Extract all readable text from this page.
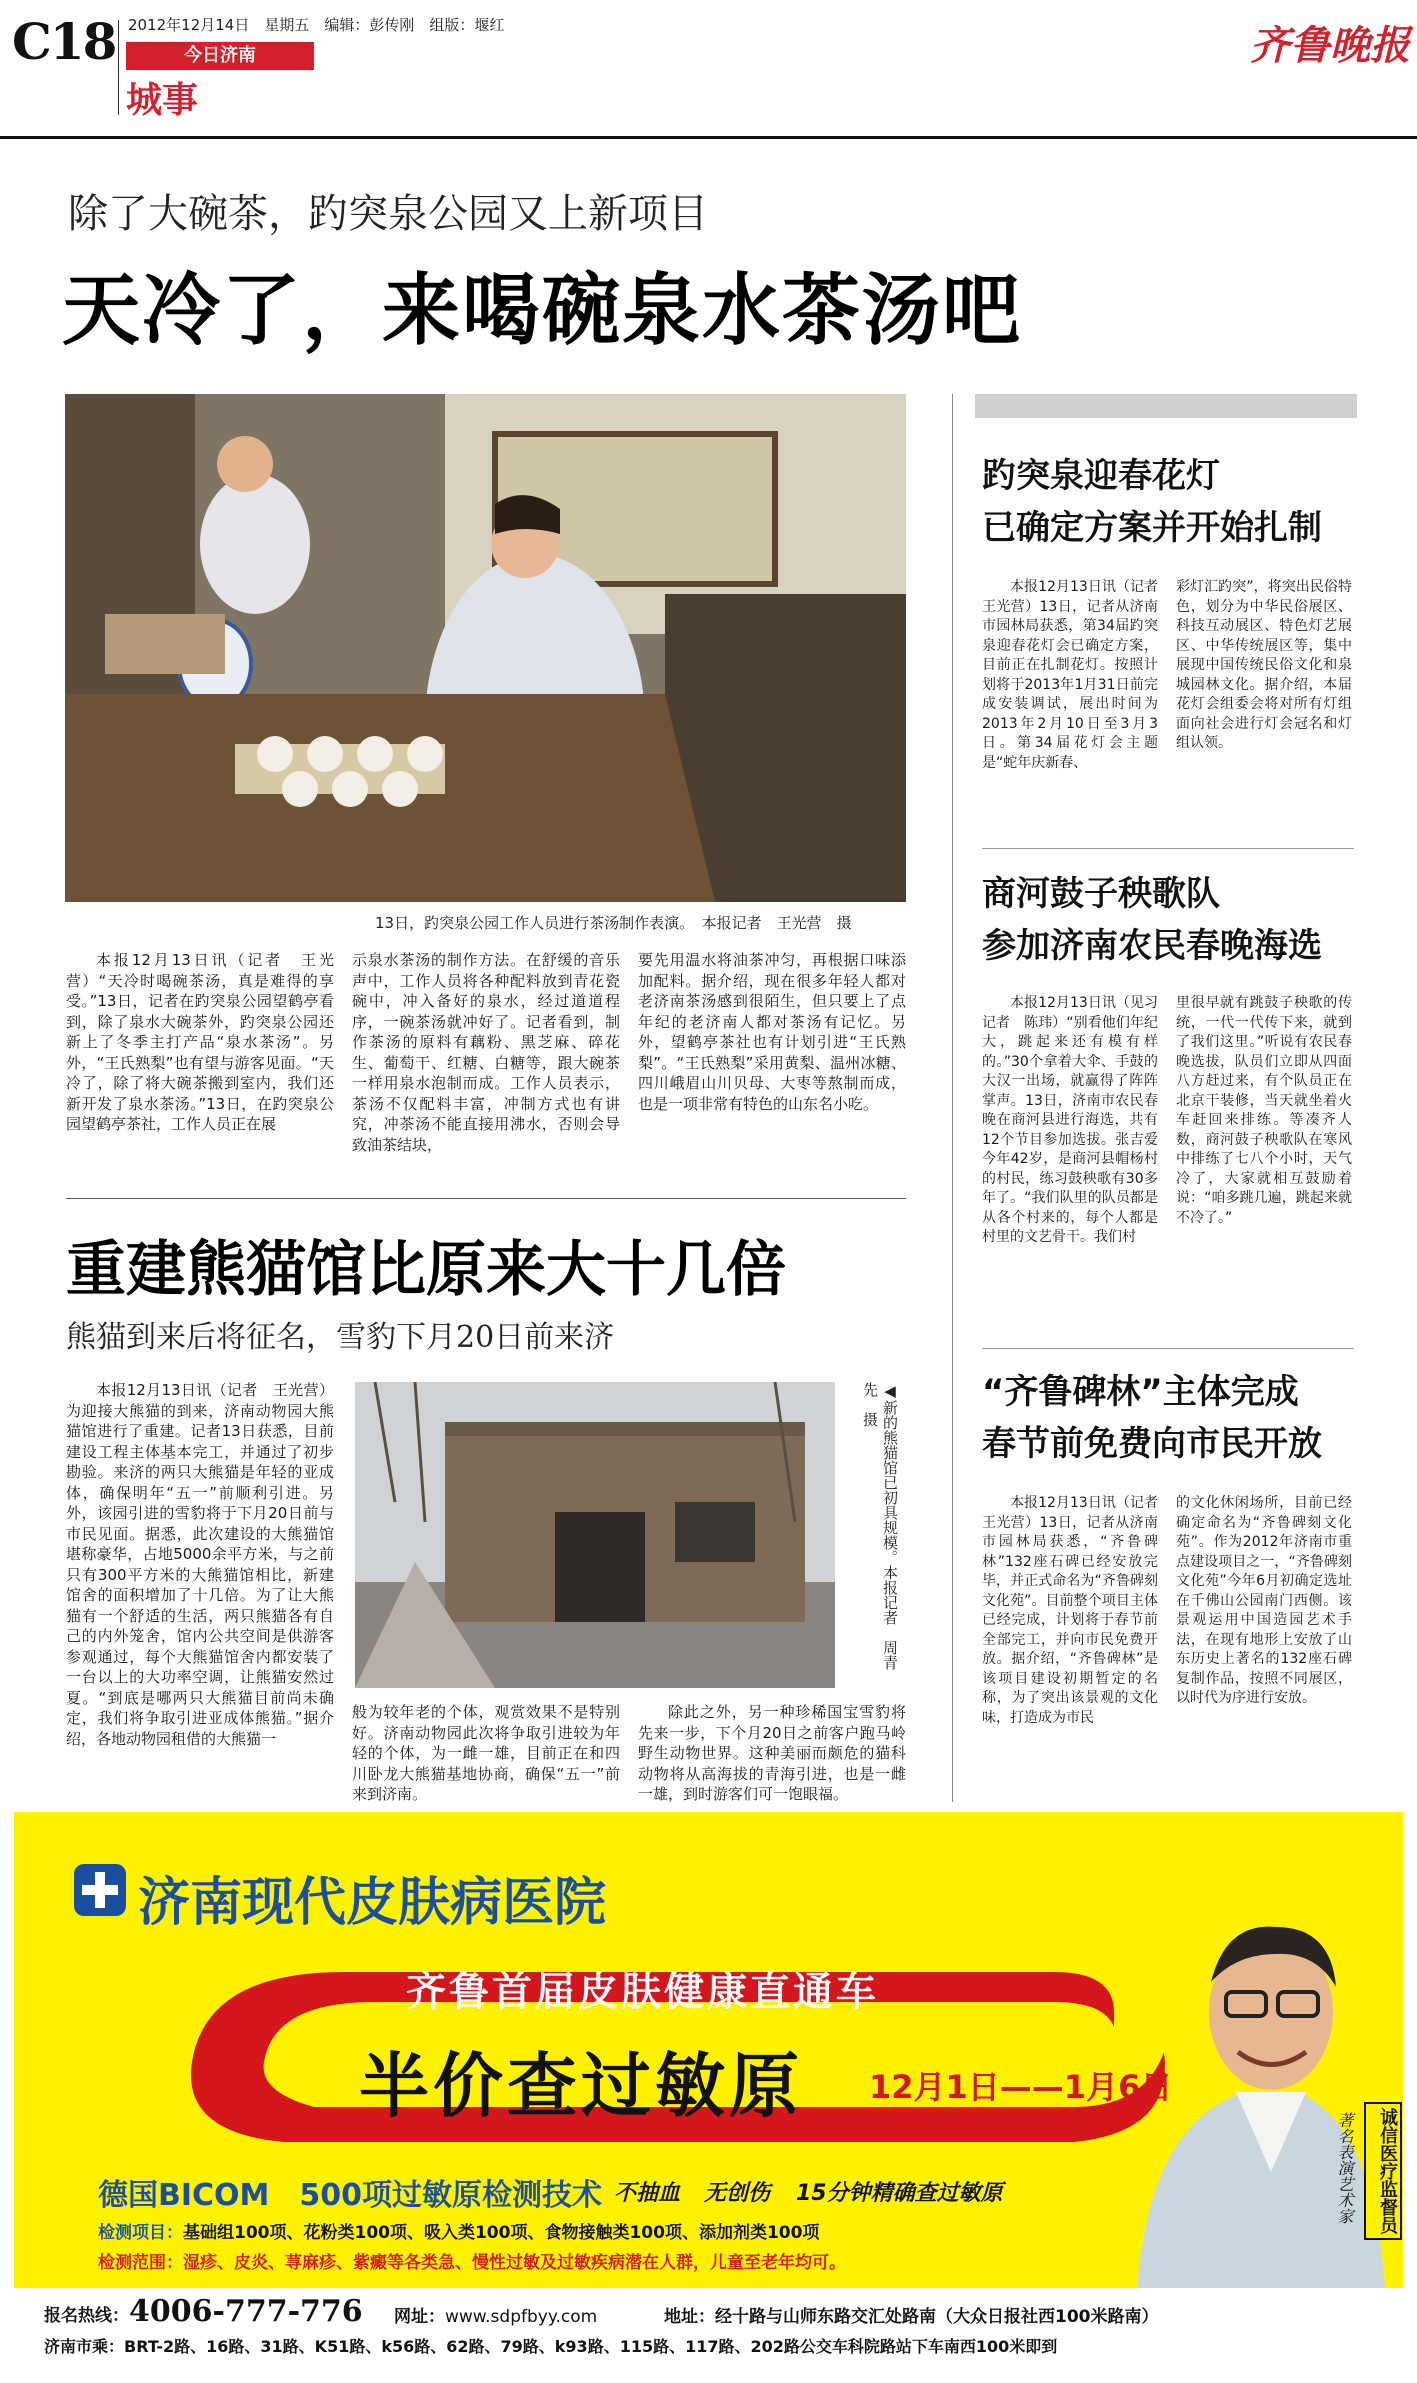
C18 2012年12月14日　星期五　编辑：彭传刚　组版：堰红
今日济南
城事
齐鲁晚报
除了大碗茶，趵突泉公园又上新项目
天冷了，来喝碗泉水茶汤吧
13日，趵突泉公园工作人员进行茶汤制作表演。　本报记者　王光营　摄

本报12月13日讯（记者　王光营）“天冷时喝碗茶汤，真是难得的享受。”13日，记者在趵突泉公园望鹤亭看到，除了泉水大碗茶外，趵突泉公园还新上了冬季主打产品“泉水茶汤”。另外，“王氏熟梨”也有望与游客见面。“天冷了，除了将大碗茶搬到室内，我们还新开发了泉水茶汤。”13日，在趵突泉公园望鹤亭茶社，工作人员正在展

示泉水茶汤的制作方法。在舒缓的音乐声中，工作人员将各种配料放到青花瓷碗中，冲入备好的泉水，经过道道程序，一碗茶汤就冲好了。记者看到，制作茶汤的原料有藕粉、黑芝麻、碎花生、葡萄干、红糖、白糖等，跟大碗茶一样用泉水泡制而成。工作人员表示，茶汤不仅配料丰富，冲制方式也有讲究，冲茶汤不能直接用沸水，否则会导致油茶结块，

要先用温水将油茶冲匀，再根据口味添加配料。据介绍，现在很多年轻人都对老济南茶汤感到很陌生，但只要上了点年纪的老济南人都对茶汤有记忆。另外，望鹤亭茶社也有计划引进“王氏熟梨”。“王氏熟梨”采用黄梨、温州冰糖、四川峨眉山川贝母、大枣等熬制而成，也是一项非常有特色的山东名小吃。

重建熊猫馆比原来大十几倍
熊猫到来后将征名，雪豹下月20日前来济

本报12月13日讯（记者　王光营）为迎接大熊猫的到来，济南动物园大熊猫馆进行了重建。记者13日获悉，目前建设工程主体基本完工，并通过了初步勘验。来济的两只大熊猫是年轻的亚成体，确保明年“五一”前顺利引进。另外，该园引进的雪豹将于下月20日前与市民见面。据悉，此次建设的大熊猫馆堪称豪华，占地5000余平方米，与之前只有300平方米的大熊猫馆相比，新建馆舍的面积增加了十几倍。为了让大熊猫有一个舒适的生活，两只熊猫各有自己的内外笼舍，馆内公共空间是供游客参观通过，每个大熊猫馆舍内都安装了一台以上的大功率空调，让熊猫安然过夏。“到底是哪两只大熊猫目前尚未确定，我们将争取引进亚成体熊猫。”据介绍，各地动物园租借的大熊猫一

◀新的熊猫馆已初具规模。本报记者　周青先　摄

般为较年老的个体，观赏效果不是特别好。济南动物园此次将争取引进较为年轻的个体，为一雌一雄，目前正在和四川卧龙大熊猫基地协商，确保“五一”前来到济南。

除此之外，另一种珍稀国宝雪豹将先来一步，下个月20日之前客户跑马岭野生动物世界。这种美丽而颇危的猫科动物将从高海拔的青海引进，也是一雌一雄，到时游客们可一饱眼福。

趵突泉迎春花灯
已确定方案并开始扎制

本报12月13日讯（记者　王光营）13日，记者从济南市园林局获悉，第34届趵突泉迎春花灯会已确定方案，目前正在扎制花灯。按照计划将于2013年1月31日前完成安装调试，展出时间为2013年2月10日至3月3日。第34届花灯会主题是“蛇年庆新春、

彩灯汇趵突”，将突出民俗特色，划分为中华民俗展区、科技互动展区、特色灯艺展区、中华传统展区等，集中展现中国传统民俗文化和泉城园林文化。据介绍，本届花灯会组委会将对所有灯组面向社会进行灯会冠名和灯组认领。

商河鼓子秧歌队
参加济南农民春晚海选

本报12月13日讯（见习记者　陈玮）“别看他们年纪大，跳起来还有模有样的。”30个拿着大伞、手鼓的大汉一出场，就赢得了阵阵掌声。13日，济南市农民春晚在商河县进行海选，共有12个节目参加选拔。张吉爱今年42岁，是商河县帽杨村的村民，练习鼓秧歌有30多年了。“我们队里的队员都是从各个村来的，每个人都是村里的文艺骨干。我们村

里很早就有跳鼓子秧歌的传统，一代一代传下来，就到了我们这里。”听说有农民春晚选拔，队员们立即从四面八方赶过来，有个队员正在北京干装修，当天就坐着火车赶回来排练。等凑齐人数，商河鼓子秧歌队在寒风中排练了七八个小时，天气冷了，大家就相互鼓励着说：“咱多跳几遍，跳起来就不冷了。”

“齐鲁碑林”主体完成
春节前免费向市民开放

本报12月13日讯（记者　王光营）13日，记者从济南市园林局获悉，“齐鲁碑林”132座石碑已经安放完毕，并正式命名为“齐鲁碑刻文化苑”。目前整个项目主体已经完成，计划将于春节前全部完工，并向市民免费开放。据介绍，“齐鲁碑林”是该项目建设初期暂定的名称，为了突出该景观的文化味，打造成为市民

的文化休闲场所，目前已经确定命名为“齐鲁碑刻文化苑”。作为2012年济南市重点建设项目之一，“齐鲁碑刻文化苑”今年6月初确定选址在千佛山公园南门西侧。该景观运用中国造园艺术手法，在现有地形上安放了山东历史上著名的132座石碑复制作品，按照不同展区，以时代为序进行安放。

济南现代皮肤病医院
齐鲁首届皮肤健康直通车
半价查过敏原 12月1日——1月6日
德国BICOM　500项过敏原检测技术 不抽血 无创伤 15分钟精确查过敏原
检测项目：基础组100项、花粉类100项、吸入类100项、食物接触类100项、添加剂类100项
检测范围：湿疹、皮炎、荨麻疹、紫癜等各类急、慢性过敏及过敏疾病潜在人群，儿童至老年均可。
诚信医疗监督员
著名表演艺术家
报名热线：4006-777-776 网址：www.sdpfbyy.com	地址：经十路与山师东路交汇处路南（大众日报社西100米路南）
济南市乘：BRT-2路、16路、31路、K51路、k56路、62路、79路、k93路、115路、117路、202路公交车科院路站下车南西100米即到
